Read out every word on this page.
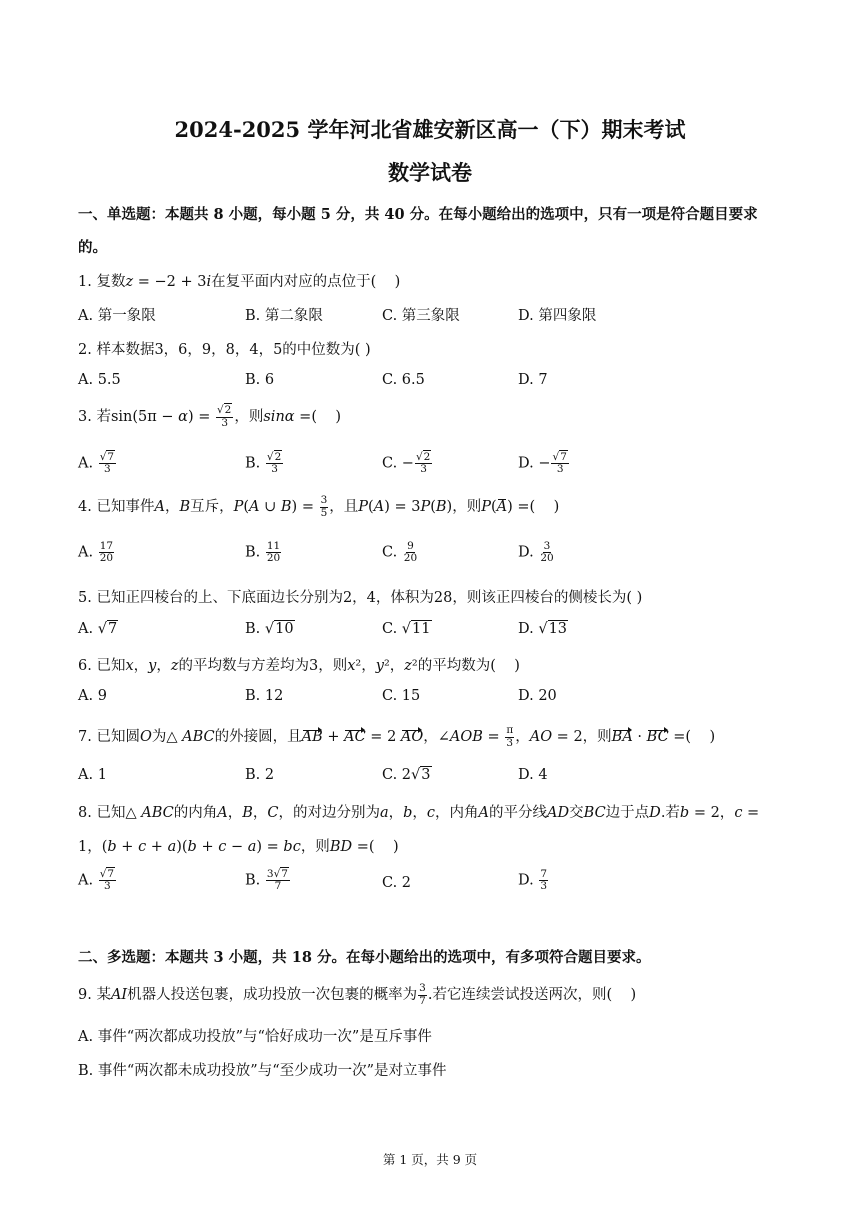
2024-2025 学年河北省雄安新区高一（下）期末考试
数学试卷
一、单选题：本题共 8 小题，每小题 5 分，共 40 分。在每小题给出的选项中，只有一项是符合题目要求
的。
1. 复数z = −2 + 3i在复平面内对应的点位于(    )
A. 第一象限	B. 第二象限	C. 第三象限	D. 第四象限
2. 样本数据3，6，9，8，4，5的中位数为( )
A. 5.5	B. 6	C. 6.5	D. 7
3. 若$\sin(5\pi - \alpha) = \frac{√2}{3}$ ，则sinα =(    )
A. $\frac{√7}{3}$	B. $\frac{√2}{3}$	C. − $\frac{√2}{3}$	D. − $\frac{√7}{3}$
4. 已知事件A，B互斥，P(A ∪ $B) = \frac{3}{5}$ ，且P(A) = 3P(B)，则P(A) =(    )
A. $\frac{17}{20}$	B. $\frac{11}{20}$	C. $\frac{9}{20}$	D. $\frac{3}{20}$
5. 已知正四棱台的上、下底面边长分别为2，4，体积为28，则该正四棱台的侧棱长为( )
A. √7	B. √10	C. √11	D. √13
6. 已知x，y，z的平均数与方差均为3，则x²，y²，z²的平均数为(    )
A. 9	B. 12	C. 15	D. 20
7. 已知圆O为△ ABC的外接圆，且AB + AC = 2 AO，∠AOB = $\frac{\pi}{3}$ ，AO = 2，则BA · BC =(    )
A. 1	B. 2	C. 2√3	D. 4
8. 已知△ ABC的内角A，B，C，的对边分别为a，b，c，内角A的平分线AD交BC边于点D.若b = 2，c =
1，(b + c + a)(b + c − a) = bc，则BD =(    )
A. $\frac{√7}{3}$	B. $\frac{3√7}{7}$	C. 2	D. $\frac{7}{3}$
二、多选题：本题共 3 小题，共 18 分。在每小题给出的选项中，有多项符合题目要求。
9. 某AI机器人投送包裹，成功投放一次包裹的概率为 $\frac{3}{7}$ .若它连续尝试投送两次，则(    )
A. 事件“两次都成功投放”与“恰好成功一次”是互斥事件
B. 事件“两次都未成功投放”与“至少成功一次”是对立事件
第 1 页，共 9 页
